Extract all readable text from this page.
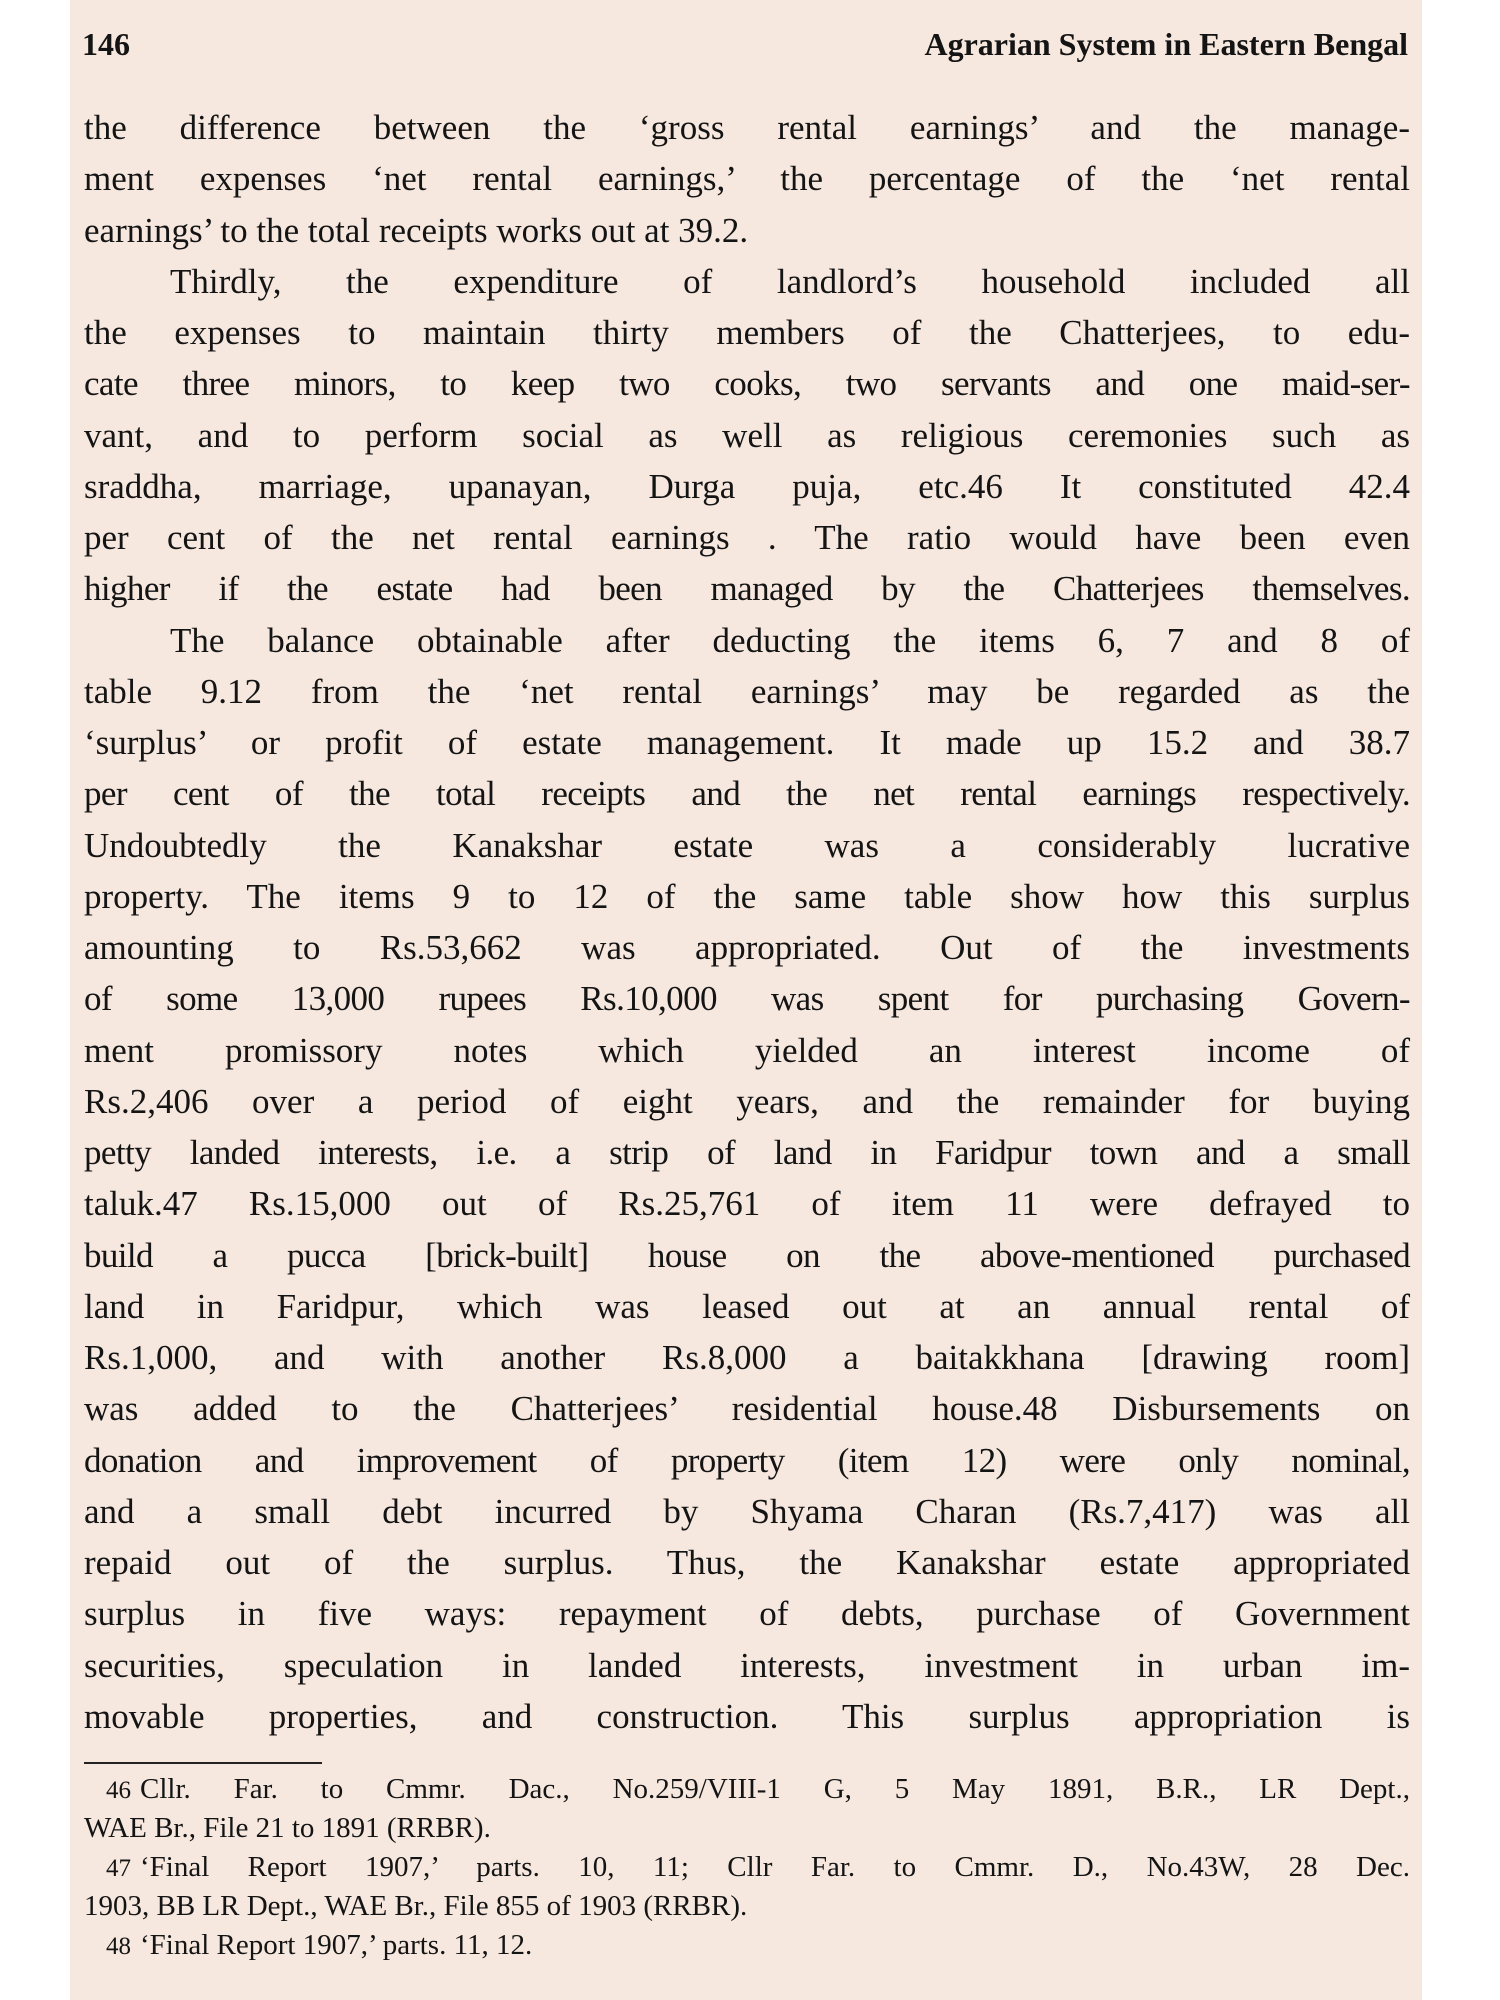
146	Agrarian System in Eastern Bengal
the difference between the ‘gross rental earnings’ and the manage-
ment expenses ‘net rental earnings,’ the percentage of the ‘net rental
earnings’ to the total receipts works out at 39.2.
Thirdly, the expenditure of landlord’s household included all
the expenses to maintain thirty members of the Chatterjees, to edu-
cate three minors, to keep two cooks, two servants and one maid-ser-
vant, and to perform social as well as religious ceremonies such as
sraddha, marriage, upanayan, Durga puja, etc.46 It constituted 42.4
per cent of the net rental earnings . The ratio would have been even
higher if the estate had been managed by the Chatterjees themselves.
The balance obtainable after deducting the items 6, 7 and 8 of
table 9.12 from the ‘net rental earnings’ may be regarded as the
‘surplus’ or profit of estate management. It made up 15.2 and 38.7
per cent of the total receipts and the net rental earnings respectively.
Undoubtedly the Kanakshar estate was a considerably lucrative
property. The items 9 to 12 of the same table show how this surplus
amounting to Rs.53,662 was appropriated. Out of the investments
of some 13,000 rupees Rs.10,000 was spent for purchasing Govern-
ment promissory notes which yielded an interest income of
Rs.2,406 over a period of eight years, and the remainder for buying
petty landed interests, i.e. a strip of land in Faridpur town and a small
taluk.47 Rs.15,000 out of Rs.25,761 of item 11 were defrayed to
build a pucca [brick-built] house on the above-mentioned purchased
land in Faridpur, which was leased out at an annual rental of
Rs.1,000, and with another Rs.8,000 a baitakkhana [drawing room]
was added to the Chatterjees’ residential house.48 Disbursements on
donation and improvement of property (item 12) were only nominal,
and a small debt incurred by Shyama Charan (Rs.7,417) was all
repaid out of the surplus. Thus, the Kanakshar estate appropriated
surplus in five ways: repayment of debts, purchase of Government
securities, speculation in landed interests, investment in urban im-
movable properties, and construction. This surplus appropriation is
46 Cllr. Far. to Cmmr. Dac., No.259/VIII-1 G, 5 May 1891, B.R., LR Dept.,
WAE Br., File 21 to 1891 (RRBR).
47 ‘Final Report 1907,’ parts. 10, 11; Cllr Far. to Cmmr. D., No.43W, 28 Dec.
1903, BB LR Dept., WAE Br., File 855 of 1903 (RRBR).
48 ‘Final Report 1907,’ parts. 11, 12.
